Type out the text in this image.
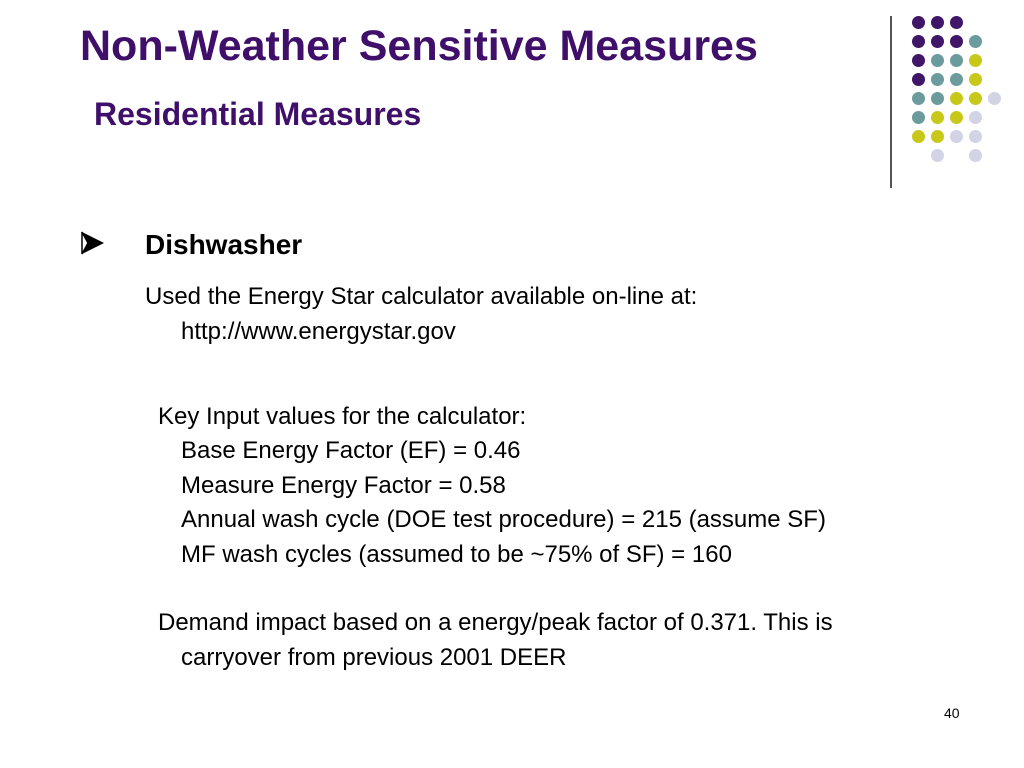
Non-Weather Sensitive Measures
Residential Measures
Dishwasher
Used the Energy Star calculator available on-line at:
http://www.energystar.gov
Key Input values for the calculator:
Base Energy Factor (EF) = 0.46
Measure Energy Factor = 0.58
Annual wash cycle (DOE test procedure) = 215 (assume SF)
MF wash cycles (assumed to be ~75% of SF) = 160
Demand impact based on a energy/peak factor of 0.371. This is
carryover from previous 2001 DEER
40
